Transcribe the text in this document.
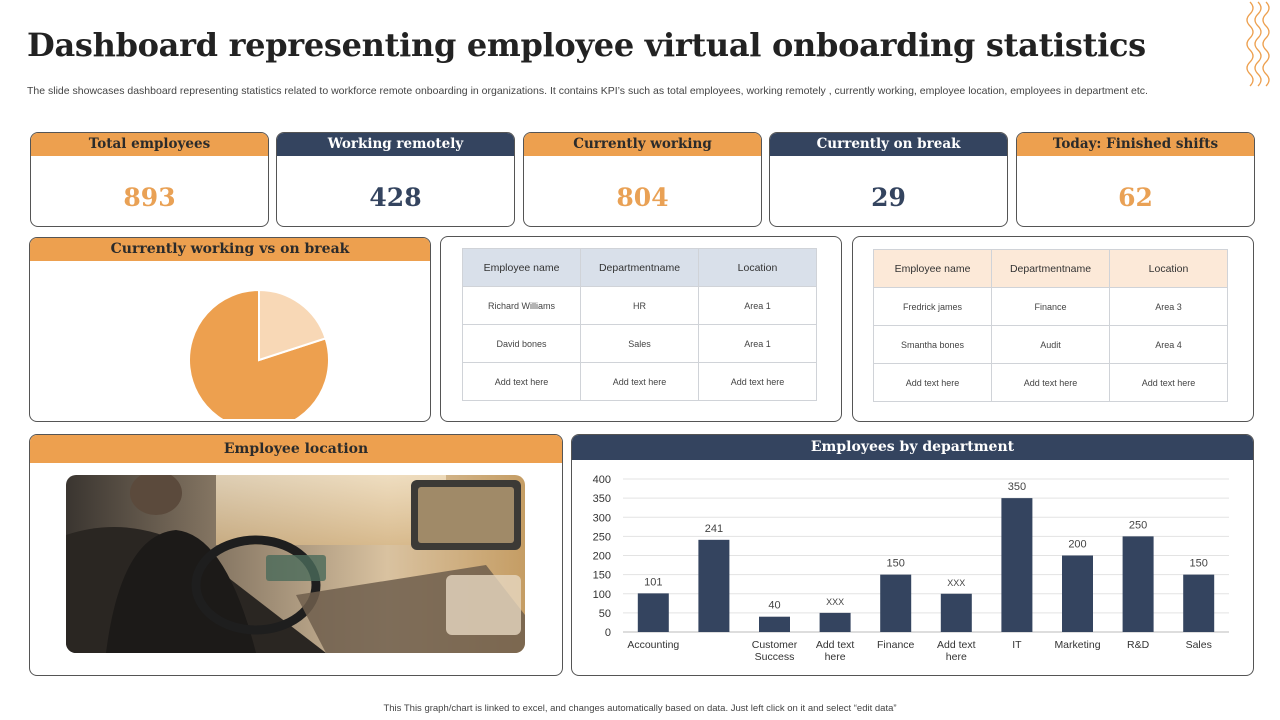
Dashboard representing employee virtual onboarding statistics
The slide showcases dashboard representing statistics related to workforce remote onboarding in organizations. It contains KPI’s such as total employees, working remotely , currently working, employee location, employees in department etc.
Total employees
893
Working remotely
428
Currently working
804
Currently on break
29
Today: Finished shifts
62
Currently working vs on break
Employee name	Departmentname	Location
Richard Williams	HR	Area 1
David bones	Sales	Area 1
Add text here	Add text here	Add text here
Employee name	Departmentname	Location
Fredrick james	Finance	Area 3
Smantha bones	Audit	Area 4
Add text here	Add text here	Add text here
Employee location	Employees by department
0
50
100
150
200
250
300
350
400
101
Accounting
241
40
Customer Success
XXX
Add text here
150
Finance
XXX
Add text here
350
IT
200
Marketing
250
R&D
150
Sales
This This graph/chart is linked to excel, and changes automatically based on data. Just left click on it and select “edit data”
